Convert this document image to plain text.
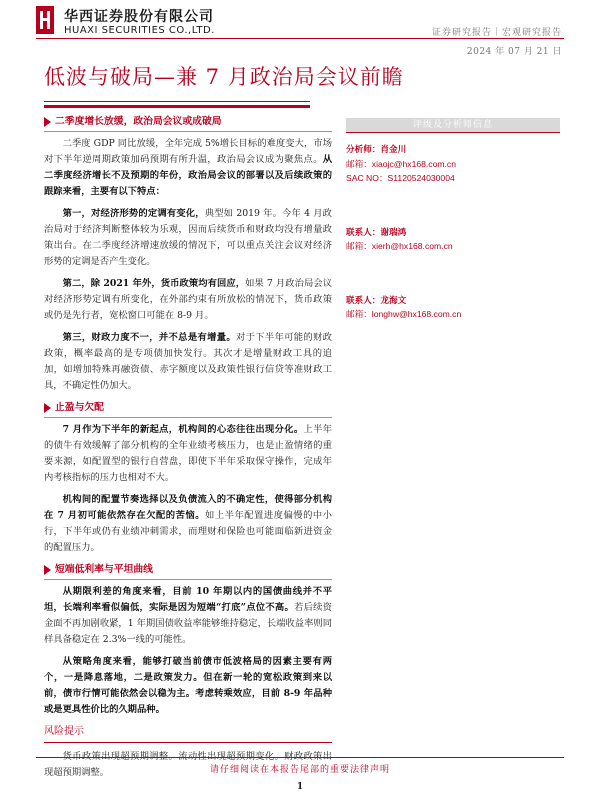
华西证券股份有限公司
HUAXI SECURITIES CO.,LTD.	证券研究报告｜宏观研究报告
2024 年 07 月 21 日
低波与破局—兼 7 月政治局会议前瞻
二季度增长放缓，政治局会议或成破局

二季度 GDP 同比放缓，全年完成 5%增长目标的难度变大，市场对下半年逆周期政策加码预期有所升温，政治局会议成为聚焦点。从二季度经济增长不及预期的年份，政治局会议的部署以及后续政策的跟踪来看，主要有以下特点：

第一，对经济形势的定调有变化，典型如 2019 年。今年 4 月政治局对于经济判断整体较为乐观，因而后续货币和财政均没有增量政策出台。在二季度经济增速放缓的情况下，可以重点关注会议对经济形势的定调是否产生变化。

第二，除 2021 年外，货币政策均有回应，如果 7 月政治局会议对经济形势定调有所变化，在外部约束有所放松的情况下，货币政策或仍是先行者，宽松窗口可能在 8-9 月。

第三，财政力度不一，并不总是有增量。对于下半年可能的财政政策，概率最高的是专项债加快发行。其次才是增量财政工具的追加，如增加特殊再融资债、赤字额度以及政策性银行信贷等准财政工具，不确定性仍加大。

止盈与欠配

7 月作为下半年的新起点，机构间的心态往往出现分化。上半年的债牛有效缓解了部分机构的全年业绩考核压力，也是止盈情绪的重要来源，如配置型的银行自营盘，即使下半年采取保守操作，完成年内考核指标的压力也相对不大。

机构间的配置节奏选择以及负债流入的不确定性，使得部分机构在 7 月初可能依然存在欠配的苦恼。如上半年配置进度偏慢的中小行，下半年或仍有业绩冲刺需求，而理财和保险也可能面临新进资金的配置压力。

短端低利率与平坦曲线

从期限利差的角度来看，目前 10 年期以内的国债曲线并不平坦，长端利率看似偏低，实际是因为短端“打底”点位不高。若后续资金面不再加剧收紧，1 年期国债收益率能够维持稳定，长端收益率则同样具备稳定在 2.3%一线的可能性。

从策略角度来看，能够打破当前债市低波格局的因素主要有两个，一是降息落地，二是政策发力。但在新一轮的宽松政策到来以前，债市行情可能依然会以稳为主。考虑转乘效应，目前 8-9 年品种或是更具性价比的久期品种。

风险提示

货币政策出现超预期调整。流动性出现超预期变化。财政政策出现超预期调整。

评级及分析师信息
分析师：肖金川
邮箱：xiaojc@hx168.com.cn
SAC NO：S1120524030004
联系人：谢瑞鸿
邮箱：xierh@hx168.com.cn
联系人：龙海文
邮箱：longhw@hx168.com.cn
请仔细阅读在本报告尾部的重要法律声明
1
